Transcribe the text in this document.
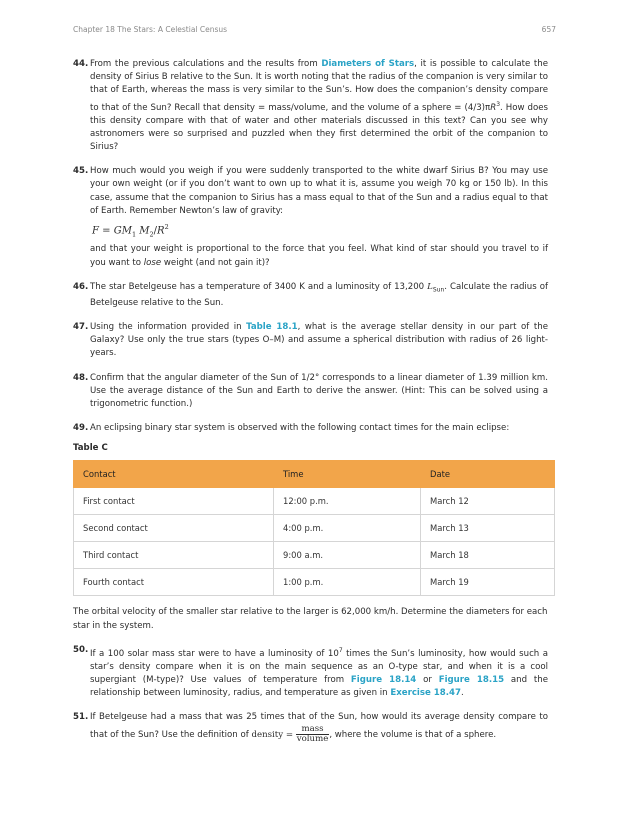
Chapter 18 The Stars: A Celestial Census	657
44. From the previous calculations and the results from Diameters of Stars, it is possible to calculate the density of Sirius B relative to the Sun. It is worth noting that the radius of the companion is very similar to that of Earth, whereas the mass is very similar to the Sun’s. How does the companion’s density compare to that of the Sun? Recall that density = mass/volume, and the volume of a sphere = $(4/3)\pi R^3$. How does this density compare with that of water and other materials discussed in this text? Can you see why astronomers were so surprised and puzzled when they first determined the orbit of the companion to Sirius?
45. How much would you weigh if you were suddenly transported to the white dwarf Sirius B? You may use your own weight (or if you don’t want to own up to what it is, assume you weigh 70 kg or 150 lb). In this case, assume that the companion to Sirius has a mass equal to that of the Sun and a radius equal to that of Earth. Remember Newton’s law of gravity:
$F = GM_1$ $M_2/R^2$
and that your weight is proportional to the force that you feel. What kind of star should you travel to if you want to lose weight (and not gain it)?
46. The star Betelgeuse has a temperature of 3400 K and a luminosity of 13,200 $L_{Sun}$. Calculate the radius of Betelgeuse relative to the Sun.
47. Using the information provided in Table 18.1, what is the average stellar density in our part of the Galaxy? Use only the true stars (types O–M) and assume a spherical distribution with radius of 26 light-years.
48. Confirm that the angular diameter of the Sun of 1/2° corresponds to a linear diameter of 1.39 million km. Use the average distance of the Sun and Earth to derive the answer. (Hint: This can be solved using a trigonometric function.)
49. An eclipsing binary star system is observed with the following contact times for the main eclipse:
Table C
Contact	Time	Date
First contact	12:00 p.m.	March 12
Second contact	4:00 p.m.	March 13
Third contact	9:00 a.m.	March 18
Fourth contact	1:00 p.m.	March 19
The orbital velocity of the smaller star relative to the larger is 62,000 km/h. Determine the diameters for each star in the system.
50. If a 100 solar mass star were to have a luminosity of $10^7$ times the Sun’s luminosity, how would such a star’s density compare when it is on the main sequence as an O-type star, and when it is a cool supergiant (M-type)? Use values of temperature from Figure 18.14 or Figure 18.15 and the relationship between luminosity, radius, and temperature as given in Exercise 18.47.
51. If Betelgeuse had a mass that was 25 times that of the Sun, how would its average density compare to that of the Sun? Use the definition of density = $\frac{\text{mass}}{\text{volume}}$ , where the volume is that of a sphere.
